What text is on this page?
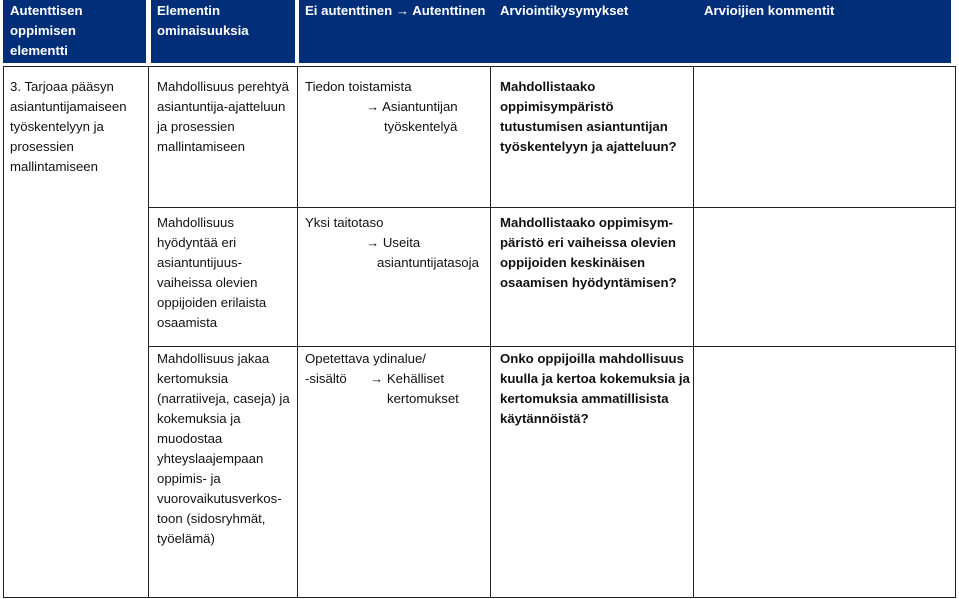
Autenttisen
oppimisen
elementti
Elementin
ominaisuuksia
Ei autenttinen → Autenttinen Arviointikysymykset	Arvioijien kommentit
3. Tarjoaa pääsyn
asiantuntijamaiseen
työskentelyyn ja
prosessien
mallintamiseen
Mahdollisuus perehtyä
asiantuntija-ajatteluun
ja prosessien
mallintamiseen
Tiedon toistamista
→ Asiantuntijan
työskentelyä
Mahdollistaako
oppimisympäristö
tutustumisen asiantuntijan
työskentelyyn ja ajatteluun?
Mahdollisuus
hyödyntää eri
asiantuntijuus-
vaiheissa olevien
oppijoiden erilaista
osaamista
Yksi taitotaso
→ Useita
asiantuntijatasoja
Mahdollistaako oppimisym-
päristö eri vaiheissa olevien
oppijoiden keskinäisen
osaamisen hyödyntämisen?
Mahdollisuus jakaa
kertomuksia
(narratiiveja, caseja) ja
kokemuksia ja
muodostaa
yhteyslaajempaan
oppimis- ja
vuorovaikutusverkos-
toon (sidosryhmät,
työelämä)
Opetettava ydinalue/
-sisältö → Kehälliset
kertomukset
Onko oppijoilla mahdollisuus
kuulla ja kertoa kokemuksia ja
kertomuksia ammatillisista
käytännöistä?
